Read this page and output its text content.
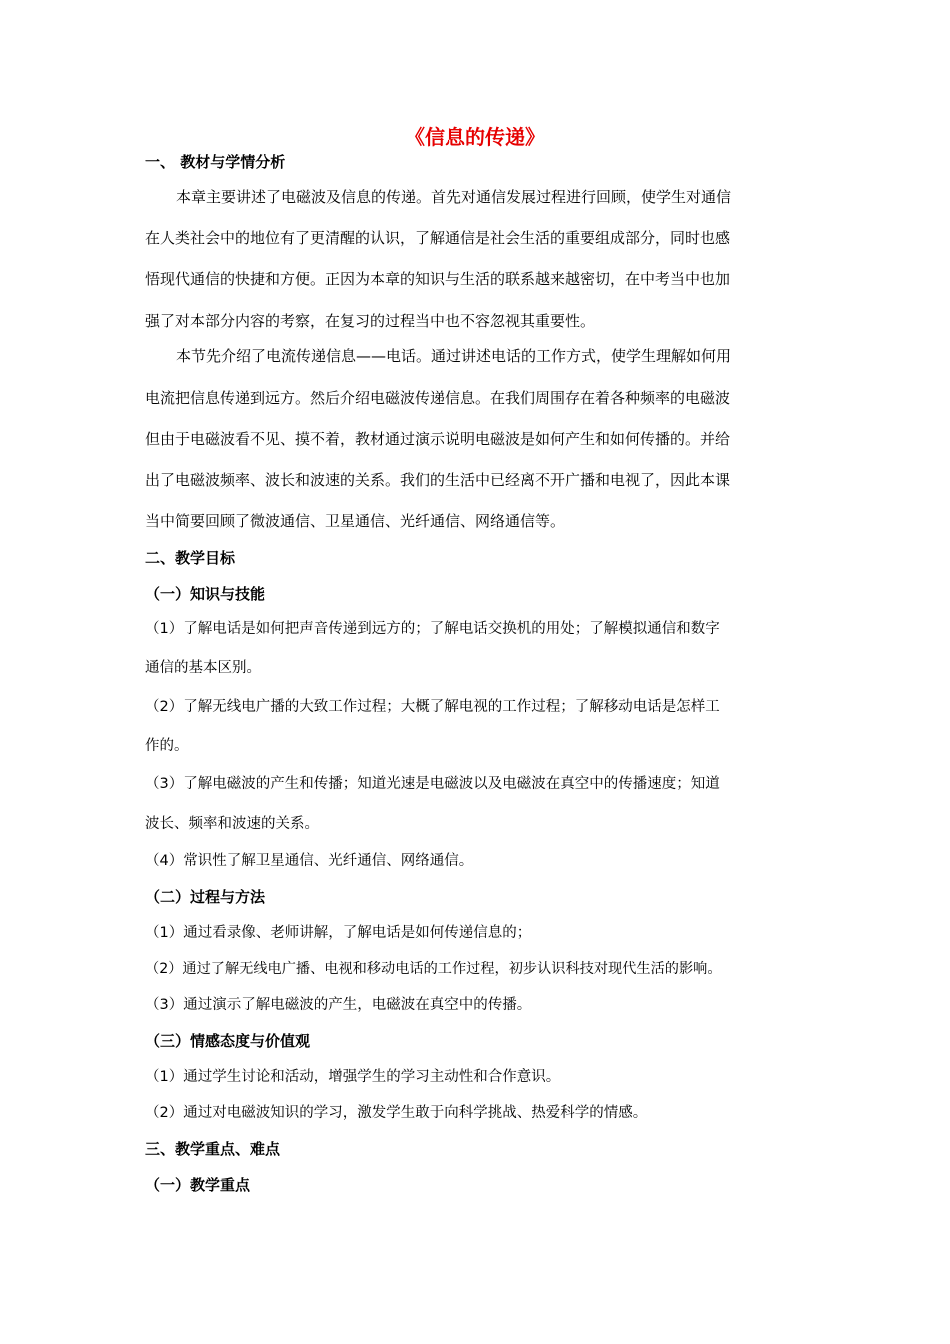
《信息的传递》
一、 教材与学情分析
本章主要讲述了电磁波及信息的传递。首先对通信发展过程进行回顾，使学生对通信
在人类社会中的地位有了更清醒的认识，了解通信是社会生活的重要组成部分，同时也感
悟现代通信的快捷和方便。正因为本章的知识与生活的联系越来越密切，在中考当中也加
强了对本部分内容的考察，在复习的过程当中也不容忽视其重要性。
本节先介绍了电流传递信息——电话。通过讲述电话的工作方式，使学生理解如何用
电流把信息传递到远方。然后介绍电磁波传递信息。在我们周围存在着各种频率的电磁波
但由于电磁波看不见、摸不着，教材通过演示说明电磁波是如何产生和如何传播的。并给
出了电磁波频率、波长和波速的关系。我们的生活中已经离不开广播和电视了，因此本课
当中简要回顾了微波通信、卫星通信、光纤通信、网络通信等。
二、教学目标
（一）知识与技能
（1）了解电话是如何把声音传递到远方的；了解电话交换机的用处；了解模拟通信和数字
通信的基本区别。
（2）了解无线电广播的大致工作过程；大概了解电视的工作过程；了解移动电话是怎样工
作的。
（3）了解电磁波的产生和传播；知道光速是电磁波以及电磁波在真空中的传播速度；知道
波长、频率和波速的关系。
（4）常识性了解卫星通信、光纤通信、网络通信。
（二）过程与方法
（1）通过看录像、老师讲解，了解电话是如何传递信息的；
（2）通过了解无线电广播、电视和移动电话的工作过程，初步认识科技对现代生活的影响。
（3）通过演示了解电磁波的产生，电磁波在真空中的传播。
（三）情感态度与价值观
（1）通过学生讨论和活动，增强学生的学习主动性和合作意识。
（2）通过对电磁波知识的学习，激发学生敢于向科学挑战、热爱科学的情感。
三、教学重点、难点
（一）教学重点
